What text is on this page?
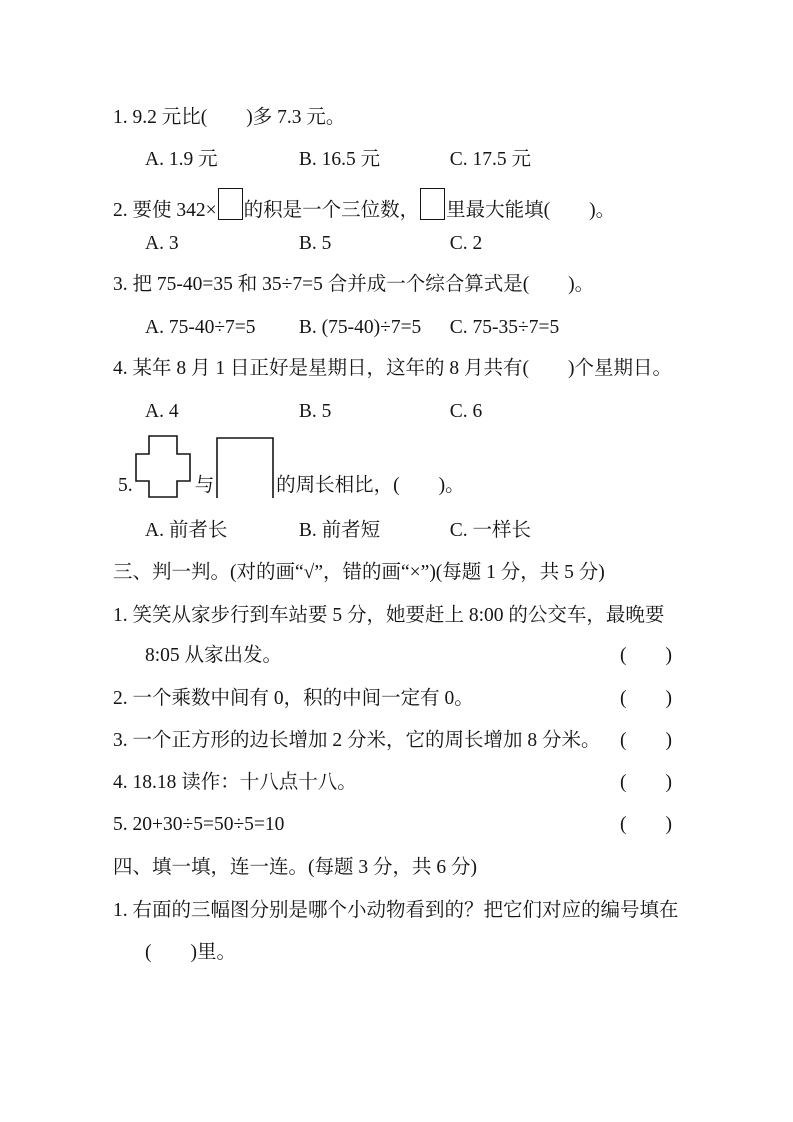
1. 9.2 元比(  )多 7.3 元。
A. 1.9 元	B. 16.5 元	C. 17.5 元
2. 要使 342× 的积是一个三位数， 里最大能填(  )。
A. 3	B. 5	C. 2
3. 把 75-40=35 和 35÷7=5 合并成一个综合算式是(  )。
A. 75-40÷7=5 B. (75-40)÷7=5 C. 75-35÷7=5
4. 某年 8 月 1 日正好是星期日，这年的 8 月共有(  )个星期日。
A. 4	B. 5	C. 6
5.	与	的周长相比，(  )。
A. 前者长	B. 前者短	C. 一样长
三、判一判。(对的画“√”，错的画“×”)(每题 1 分，共 5 分)
1. 笑笑从家步行到车站要 5 分，她要赶上 8:00 的公交车，最晚要
8:05 从家出发。	(  )
2. 一个乘数中间有 0，积的中间一定有 0。	(  )
3. 一个正方形的边长增加 2 分米，它的周长增加 8 分米。 (  )
4. 18.18 读作：十八点十八。	(  )
5. 20+30÷5=50÷5=10	(  )
四、填一填，连一连。(每题 3 分，共 6 分)
1. 右面的三幅图分别是哪个小动物看到的？把它们对应的编号填在
(  )里。
